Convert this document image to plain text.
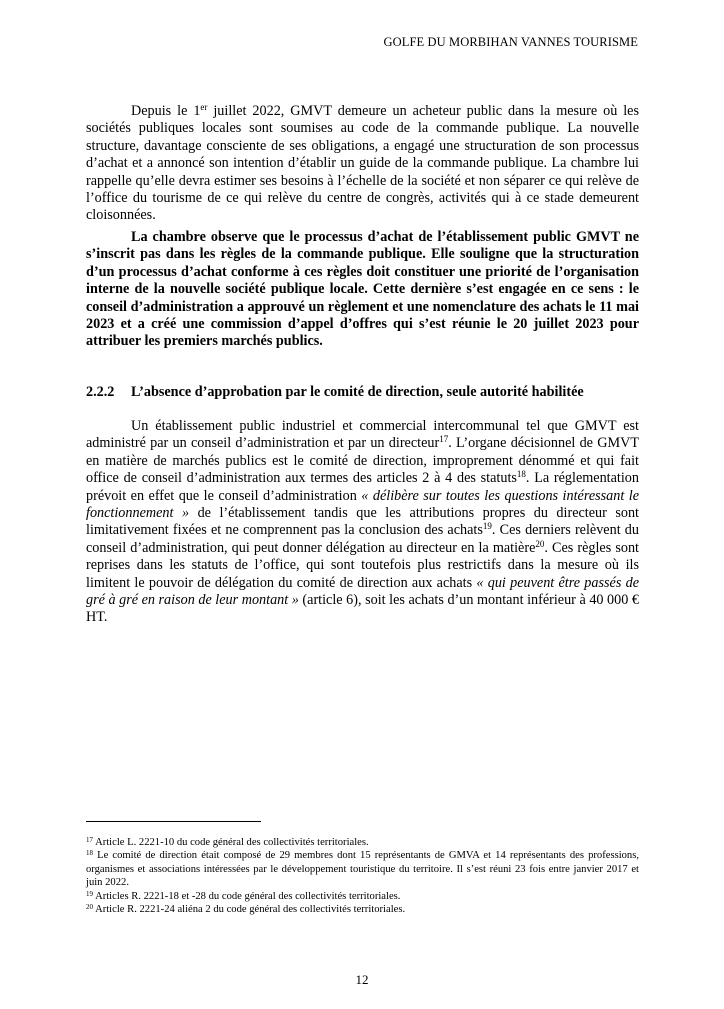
GOLFE DU MORBIHAN VANNES TOURISME

Depuis le 1er juillet 2022, GMVT demeure un acheteur public dans la mesure où les sociétés publiques locales sont soumises au code de la commande publique. La nouvelle structure, davantage consciente de ses obligations, a engagé une structuration de son processus d’achat et a annoncé son intention d’établir un guide de la commande publique. La chambre lui rappelle qu’elle devra estimer ses besoins à l’échelle de la société et non séparer ce qui relève de l’office du tourisme de ce qui relève du centre de congrès, activités qui à ce stade demeurent cloisonnées.

La chambre observe que le processus d’achat de l’établissement public GMVT ne s’inscrit pas dans les règles de la commande publique. Elle souligne que la structuration d’un processus d’achat conforme à ces règles doit constituer une priorité de l’organisation interne de la nouvelle société publique locale. Cette dernière s’est engagée en ce sens : le conseil d’administration a approuvé un règlement et une nomenclature des achats le 11 mai 2023 et a créé une commission d’appel d’offres qui s’est réunie le 20 juillet 2023 pour attribuer les premiers marchés publics.

2.2.2 L’absence d’approbation par le comité de direction, seule autorité habilitée

Un établissement public industriel et commercial intercommunal tel que GMVT est administré par un conseil d’administration et par un directeur$^{17}$. L’organe décisionnel de GMVT en matière de marchés publics est le comité de direction, improprement dénommé et qui fait office de conseil d’administration aux termes des articles 2 à 4 des statuts$^{18}$. La réglementation prévoit en effet que le conseil d’administration « délibère sur toutes les questions intéressant le fonctionnement » de l’établissement tandis que les attributions propres du directeur sont limitativement fixées et ne comprennent pas la conclusion des achats$^{19}$. Ces derniers relèvent du conseil d’administration, qui peut donner délégation au directeur en la matière$^{20}$. Ces règles sont reprises dans les statuts de l’office, qui sont toutefois plus restrictifs dans la mesure où ils limitent le pouvoir de délégation du comité de direction aux achats « qui peuvent être passés de gré à gré en raison de leur montant » (article 6), soit les achats d’un montant inférieur à 40 000 € HT.

$^{17}$ Article L. 2221-10 du code général des collectivités territoriales.

$^{18}$ Le comité de direction était composé de 29 membres dont 15 représentants de GMVA et 14 représentants des professions, organismes et associations intéressées par le développement touristique du territoire. Il s’est réuni 23 fois entre janvier 2017 et juin 2022.

$^{19}$ Articles R. 2221-18 et -28 du code général des collectivités territoriales.

$^{20}$ Article R. 2221-24 aliéna 2 du code général des collectivités territoriales.

12
